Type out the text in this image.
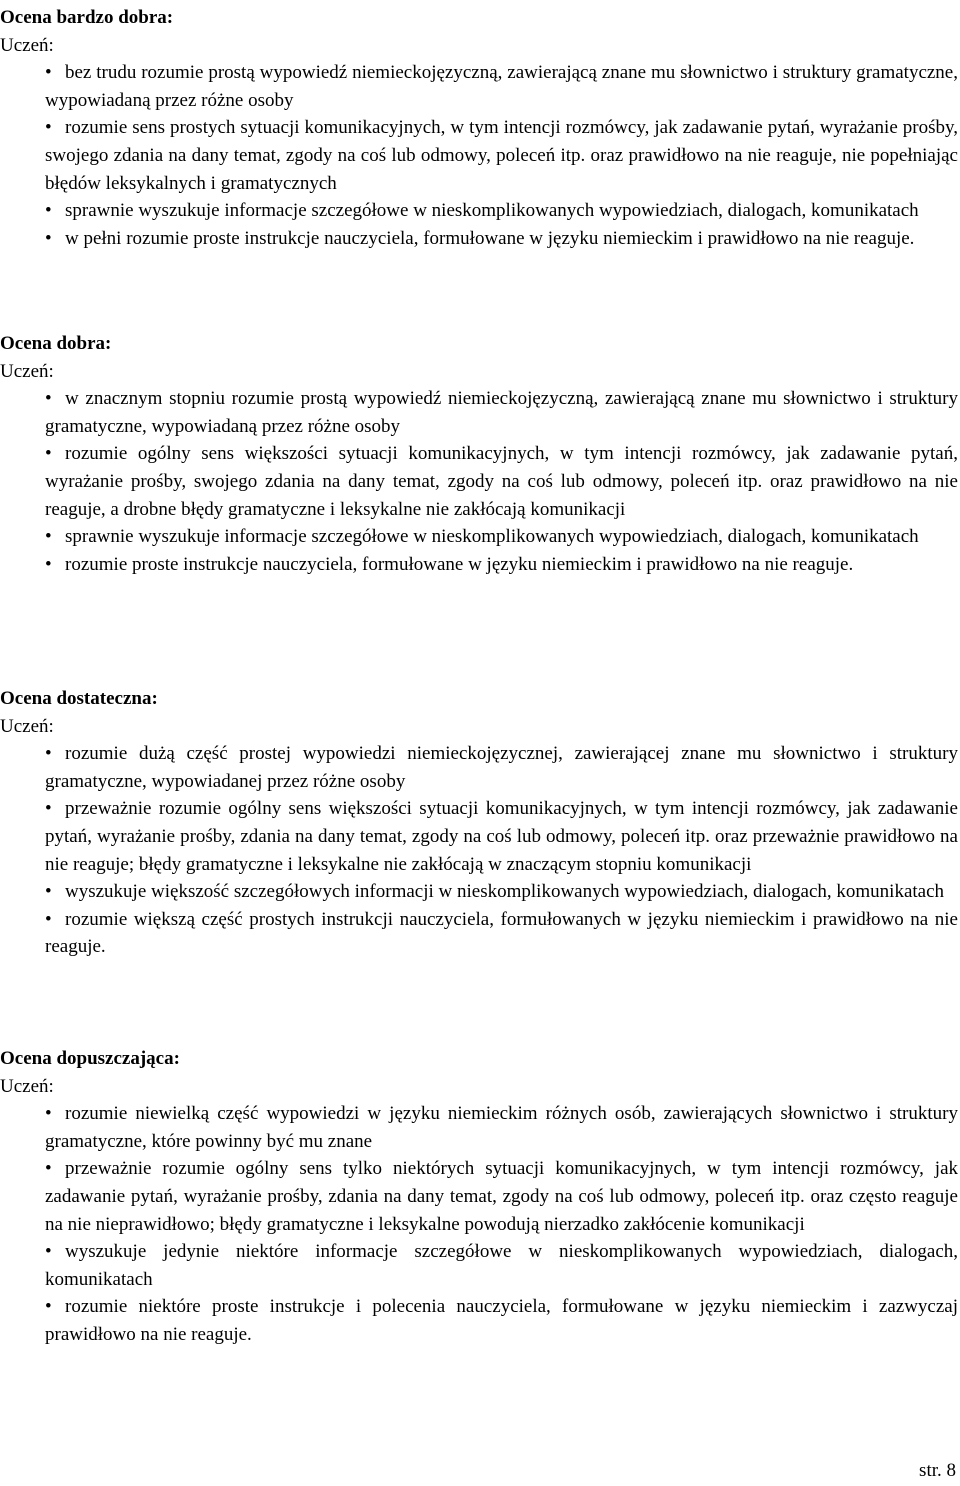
Ocena bardzo dobra:
Uczeń:
• bez trudu rozumie prostą wypowiedź niemieckojęzyczną, zawierającą znane mu słownictwo i struktury gramatyczne, wypowiadaną przez różne osoby
• rozumie sens prostych sytuacji komunikacyjnych, w tym intencji rozmówcy, jak zadawanie pytań, wyrażanie prośby, swojego zdania na dany temat, zgody na coś lub odmowy, poleceń itp. oraz prawidłowo na nie reaguje, nie popełniając błędów leksykalnych i gramatycznych
• sprawnie wyszukuje informacje szczegółowe w nieskomplikowanych wypowiedziach, dialogach, komunikatach
• w pełni rozumie proste instrukcje nauczyciela, formułowane w języku niemieckim i prawidłowo na nie reaguje.
Ocena dobra:
Uczeń:
• w znacznym stopniu rozumie prostą wypowiedź niemieckojęzyczną, zawierającą znane mu słownictwo i struktury gramatyczne, wypowiadaną przez różne osoby
• rozumie ogólny sens większości sytuacji komunikacyjnych, w tym intencji rozmówcy, jak zadawanie pytań, wyrażanie prośby, swojego zdania na dany temat, zgody na coś lub odmowy, poleceń itp. oraz prawidłowo na nie reaguje, a drobne błędy gramatyczne i leksykalne nie zakłócają komunikacji
• sprawnie wyszukuje informacje szczegółowe w nieskomplikowanych wypowiedziach, dialogach, komunikatach
• rozumie proste instrukcje nauczyciela, formułowane w języku niemieckim i prawidłowo na nie reaguje.
Ocena dostateczna:
Uczeń:
• rozumie dużą część prostej wypowiedzi niemieckojęzycznej, zawierającej znane mu słownictwo i struktury gramatyczne, wypowiadanej przez różne osoby
• przeważnie rozumie ogólny sens większości sytuacji komunikacyjnych, w tym intencji rozmówcy, jak zadawanie pytań, wyrażanie prośby, zdania na dany temat, zgody na coś lub odmowy, poleceń itp. oraz przeważnie prawidłowo na nie reaguje; błędy gramatyczne i leksykalne nie zakłócają w znaczącym stopniu komunikacji
• wyszukuje większość szczegółowych informacji w nieskomplikowanych wypowiedziach, dialogach, komunikatach
• rozumie większą część prostych instrukcji nauczyciela, formułowanych w języku niemieckim i prawidłowo na nie reaguje.
Ocena dopuszczająca:
Uczeń:
• rozumie niewielką część wypowiedzi w języku niemieckim różnych osób, zawierających słownictwo i struktury gramatyczne, które powinny być mu znane
• przeważnie rozumie ogólny sens tylko niektórych sytuacji komunikacyjnych, w tym intencji rozmówcy, jak zadawanie pytań, wyrażanie prośby, zdania na dany temat, zgody na coś lub odmowy, poleceń itp. oraz często reaguje na nie nieprawidłowo; błędy gramatyczne i leksykalne powodują nierzadko zakłócenie komunikacji
• wyszukuje jedynie niektóre informacje szczegółowe w nieskomplikowanych wypowiedziach, dialogach, komunikatach
• rozumie niektóre proste instrukcje i polecenia nauczyciela, formułowane w języku niemieckim i zazwyczaj prawidłowo na nie reaguje.
str. 8
